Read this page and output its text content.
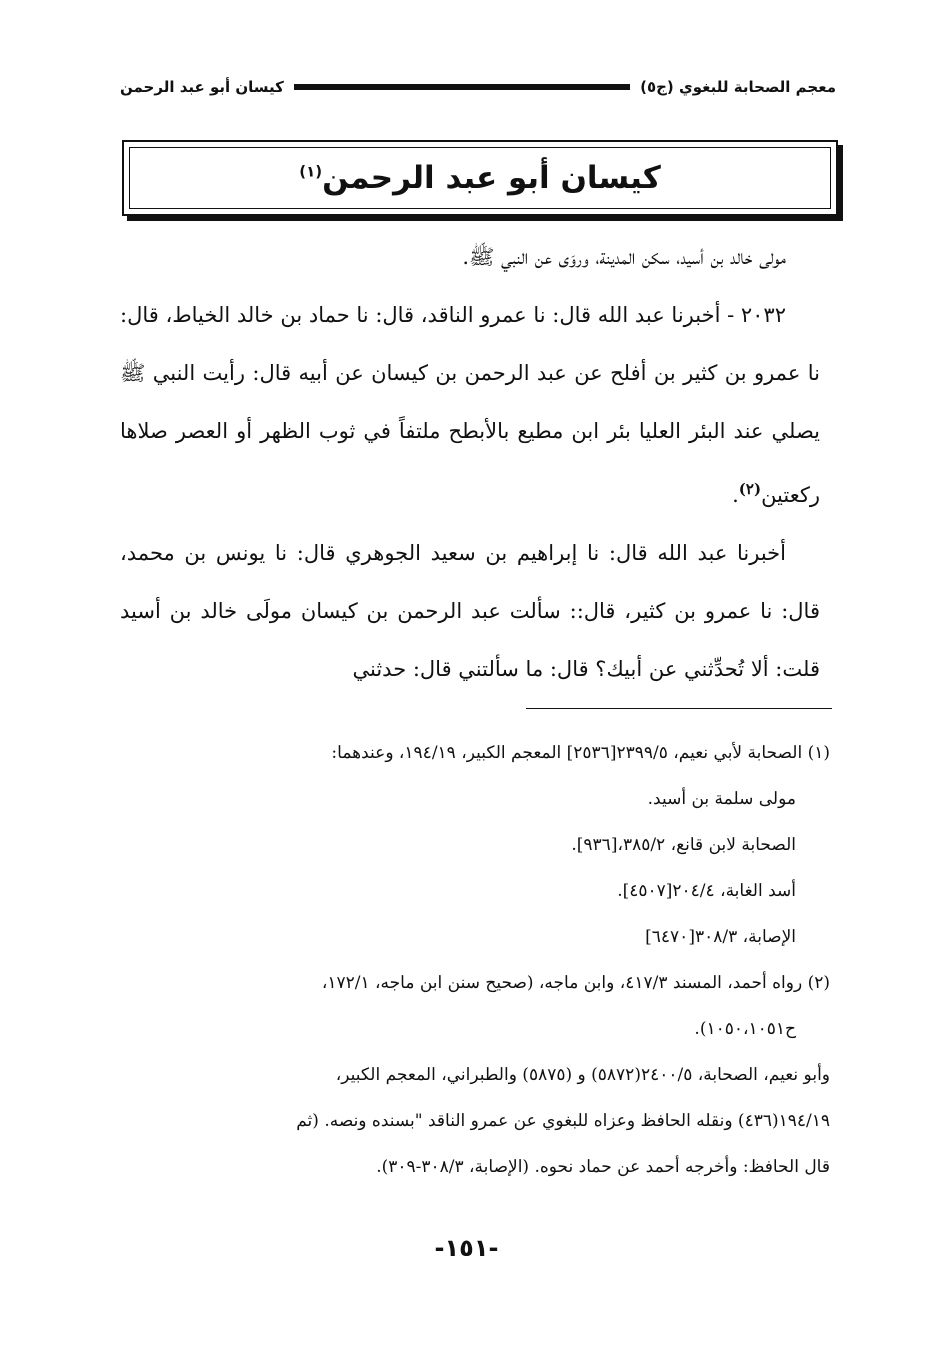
معجم الصحابة للبغوي (ج٥)
كيسان أبو عبد الرحمن
كيسان أبو عبد الرحمن$^{(١)}$

مولى خالد بن أسيد، سكن المدينة، وروَى عن النبي ﷺ.

٢٠٣٢ - أخبرنا عبد الله قال: نا عمرو الناقد، قال: نا حماد بن خالد الخياط، قال: نا عمرو بن كثير بن أفلح عن عبد الرحمن بن كيسان عن أبيه قال: رأيت النبي ﷺ يصلي عند البئر العليا بئر ابن مطيع بالأبطح ملتفاً في ثوب الظهر أو العصر صلاها ركعتين$^{(٢)}$.

أخبرنا عبد الله قال: نا إبراهيم بن سعيد الجوهري قال: نا يونس بن محمد، قال: نا عمرو بن كثير، قال:: سألت عبد الرحمن بن كيسان مولَى خالد بن أسيد قلت: ألا تُحدِّثني عن أبيك؟ قال: ما سألتني قال: حدثني

(١) الصحابة لأبي نعيم، ٢٣٩٩/٥[٢٥٣٦] المعجم الكبير، ١٩٤/١٩، وعندهما:

مولى سلمة بن أسيد.

الصحابة لابن قانع، ٣٨٥/٢،[٩٣٦].

أسد الغابة، ٢٠٤/٤[٤٥٠٧].

الإصابة، ٣٠٨/٣[٦٤٧٠]

(٢) رواه أحمد، المسند ٤١٧/٣، وابن ماجه، (صحيح سنن ابن ماجه، ١٧٢/١،

ح١٠٥٠،١٠٥١).

وأبو نعيم، الصحابة، ٢٤٠٠/٥(٥٨٧٢) و (٥٨٧٥) والطبراني، المعجم الكبير،

١٩٤/١٩(٤٣٦) ونقله الحافظ وعزاه للبغوي عن عمرو الناقد "بسنده ونصه. (ثم

قال الحافظ: وأخرجه أحمد عن حماد نحوه. (الإصابة، ٣٠٨/٣-٣٠٩).

-١٥١-
